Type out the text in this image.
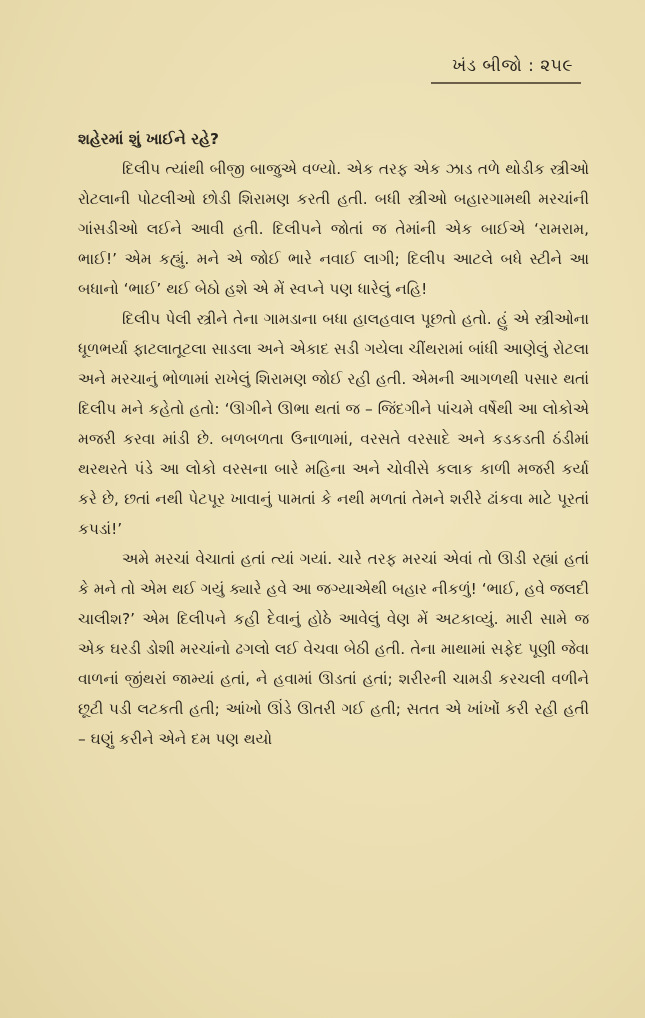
ખંડ બીજો : ૨૫૯

શહેરમાં શું ખાઈને રહે?

દિલીપ ત્યાંથી બીજી બાજુએ વળ્યો. એક તરફ એક ઝાડ તળે થોડીક સ્ત્રીઓ રોટલાની પોટલીઓ છોડી શિરામણ કરતી હતી. બધી સ્ત્રીઓ બહારગામથી મરચાંની ગાંસડીઓ લઈને આવી હતી. દિલીપને જોતાં જ તેમાંની એક બાઈએ ‘રામરામ, ભાઈ!’ એમ કહ્યું. મને એ જોઈ ભારે નવાઈ લાગી; દિલીપ આટલે બધે સ્ટીને આ બધાનો ‘ભાઈ’ થઈ બેઠો હશે એ મેં સ્વપ્ને પણ ધારેલું નહિ!

દિલીપ પેલી સ્ત્રીને તેના ગામડાના બધા હાલહવાલ પૂછતો હતો. હું એ સ્ત્રીઓના ધૂળભર્યા ફાટલાતૂટલા સાડલા અને એકાદ સડી ગયેલા ચીંથરામાં બાંધી આણેલું રોટલા અને મરચાનું ભોળામાં રાખેલું શિરામણ જોઈ રહી હતી. એમની આગળથી પસાર થતાં દિલીપ મને કહેતો હતો: ‘ઊગીને ઊભા થતાં જ – જિંદગીને પાંચમે વર્ષેથી આ લોકોએ મજરી કરવા માંડી છે. બળબળતા ઉનાળામાં, વરસતે વરસાદે અને કડકડતી ઠંડીમાં થરથરતે પંડે આ લોકો વરસના બારે મહિના અને ચોવીસે કલાક કાળી મજરી કર્યા કરે છે, છતાં નથી પેટપૂર ખાવાનું પામતાં કે નથી મળતાં તેમને શરીરે ઢાંકવા માટે પૂરતાં કપડાં!’

અમે મરચાં વેચાતાં હતાં ત્યાં ગયાં. ચારે તરફ મરચાં એવાં તો ઊડી રહ્યાં હતાં કે મને તો એમ થઈ ગયું ક્યારે હવે આ જગ્યાએથી બહાર નીકળું! ‘ભાઈ, હવે જલદી ચાલીશ?’ એમ દિલીપને કહી દેવાનું હોઠે આવેલું વેણ મેં અટકાવ્યું. મારી સામે જ એક ઘરડી ડોશી મરચાંનો ઢગલો લઈ વેચવા બેઠી હતી. તેના માથામાં સફેદ પૂણી જેવા વાળનાં જીંથરાં જામ્યાં હતાં, ને હવામાં ઊડતાં હતાં; શરીરની ચામડી કરચલી વળીને છૂટી પડી લટકતી હતી; આંખો ઊંડે ઊતરી ગઈ હતી; સતત એ ખાંખોં કરી રહી હતી – ઘણું કરીને એને દમ પણ થયો
